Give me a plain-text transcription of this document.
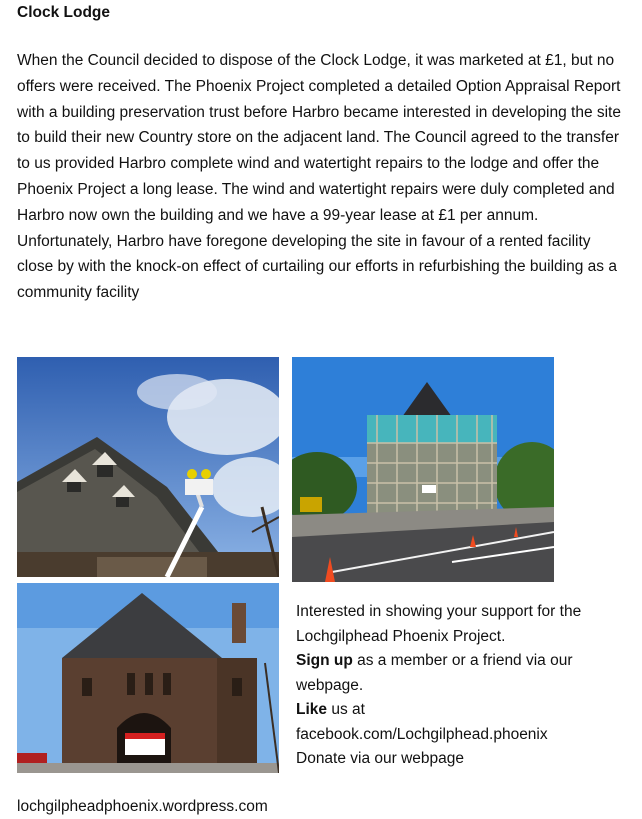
Clock Lodge

When the Council decided to dispose of the Clock Lodge, it was marketed at £1, but no offers were received. The Phoenix Project completed a detailed Option Appraisal Report with a building preservation trust before Harbro became interested in developing the site to build their new Country store on the adjacent land. The Council agreed to the transfer to us provided Harbro complete wind and watertight repairs to the lodge and offer the Phoenix Project a long lease. The wind and watertight repairs were duly completed and Harbro now own the building and we have a 99-year lease at £1 per annum. Unfortunately, Harbro have foregone developing the site in favour of a rented facility close by with the knock-on effect of curtailing our efforts in refurbishing the building as a community facility

Interested in showing your support for the
Lochgilphead Phoenix Project.
Sign up as a member or a friend via our
webpage.
Like us at
facebook.com/Lochgilphead.phoenix
Donate via our webpage
lochgilpheadphoenix.wordpress.com
